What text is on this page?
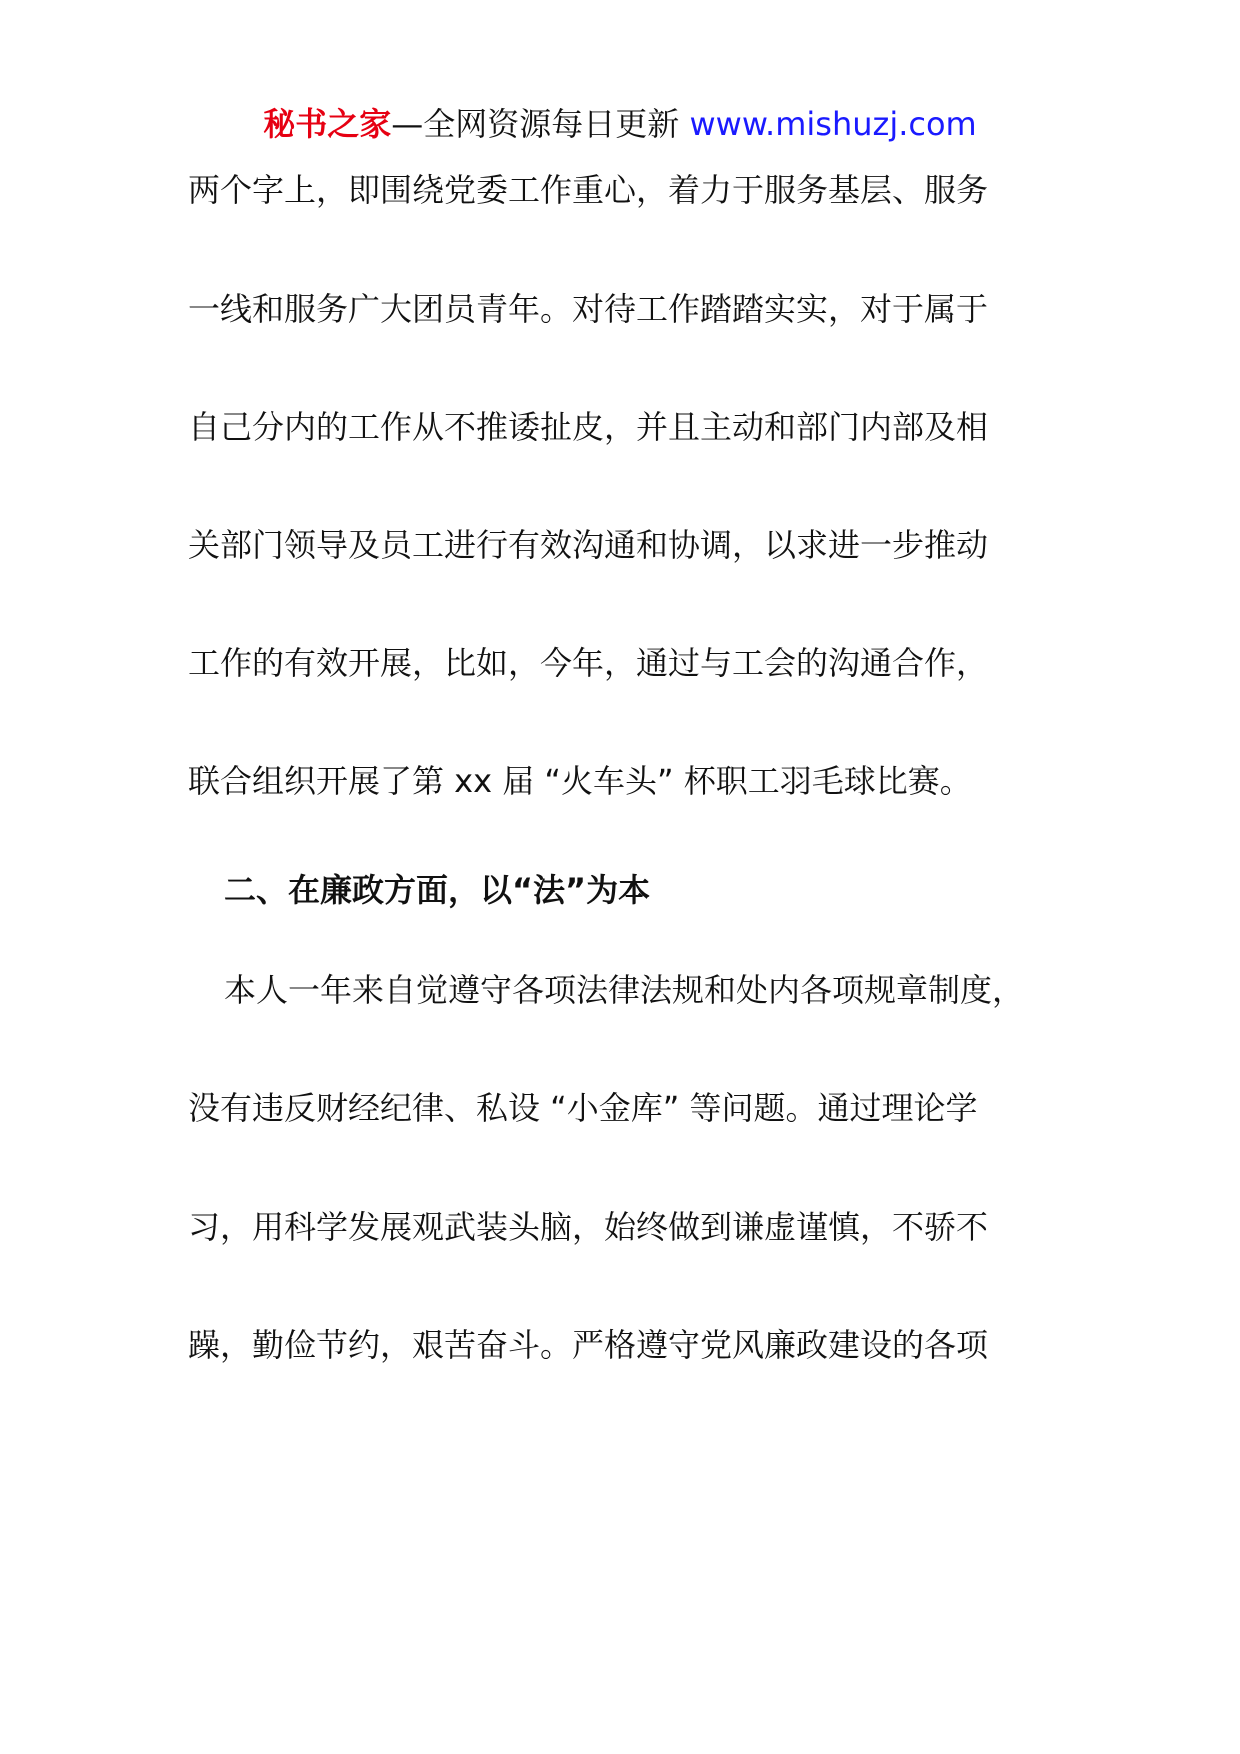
秘书之家—全网资源每日更新 www.mishuzj.com
两个字上，即围绕党委工作重心，着力于服务基层、服务
一线和服务广大团员青年。对待工作踏踏实实，对于属于
自己分内的工作从不推诿扯皮，并且主动和部门内部及相
关部门领导及员工进行有效沟通和协调，以求进一步推动
工作的有效开展，比如，今年，通过与工会的沟通合作，
联合组织开展了第 xx 届 “火车头” 杯职工羽毛球比赛。
二、在廉政方面，以“法”为本
本人一年来自觉遵守各项法律法规和处内各项规章制度，
没有违反财经纪律、私设 “小金库” 等问题。通过理论学
习，用科学发展观武装头脑，始终做到谦虚谨慎，不骄不
躁，勤俭节约，艰苦奋斗。严格遵守党风廉政建设的各项
